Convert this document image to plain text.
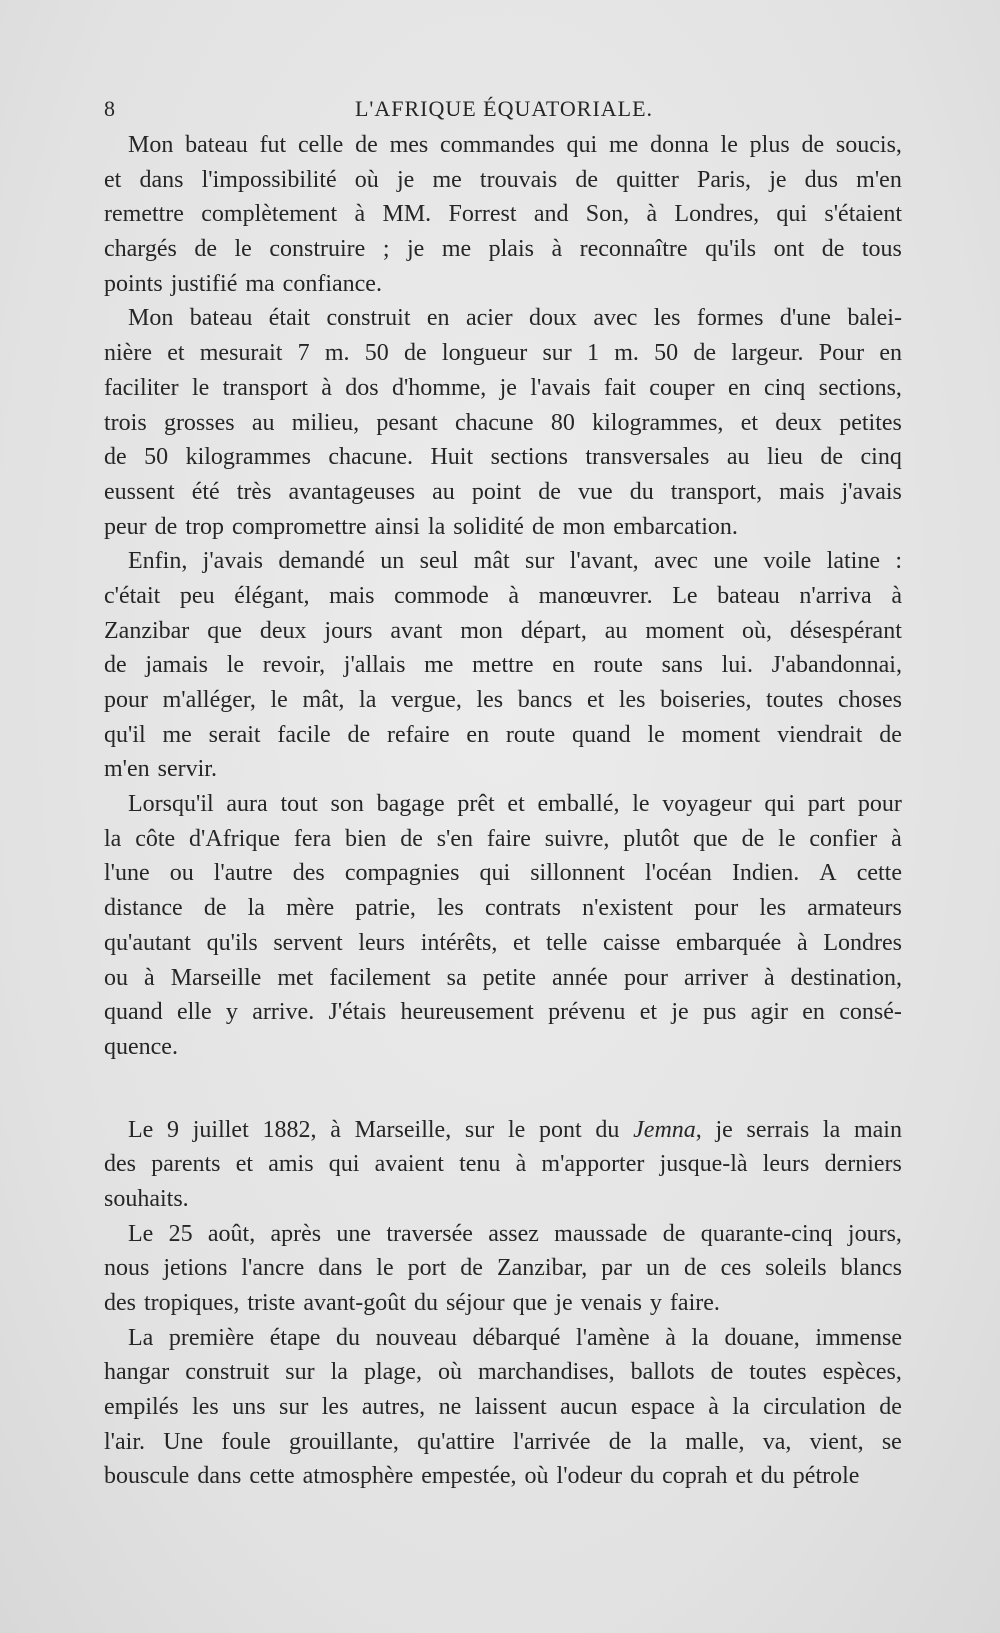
8	L'AFRIQUE ÉQUATORIALE.
Mon bateau fut celle de mes commandes qui me donna le plus de soucis,
et dans l'impossibilité où je me trouvais de quitter Paris, je dus m'en
remettre complètement à MM. Forrest and Son, à Londres, qui s'étaient
chargés de le construire ; je me plais à reconnaître qu'ils ont de tous
points justifié ma confiance.
Mon bateau était construit en acier doux avec les formes d'une balei-
nière et mesurait 7 m. 50 de longueur sur 1 m. 50 de largeur. Pour en
faciliter le transport à dos d'homme, je l'avais fait couper en cinq sections,
trois grosses au milieu, pesant chacune 80 kilogrammes, et deux petites
de 50 kilogrammes chacune. Huit sections transversales au lieu de cinq
eussent été très avantageuses au point de vue du transport, mais j'avais
peur de trop compromettre ainsi la solidité de mon embarcation.
Enfin, j'avais demandé un seul mât sur l'avant, avec une voile latine :
c'était peu élégant, mais commode à manœuvrer. Le bateau n'arriva à
Zanzibar que deux jours avant mon départ, au moment où, désespérant
de jamais le revoir, j'allais me mettre en route sans lui. J'abandonnai,
pour m'alléger, le mât, la vergue, les bancs et les boiseries, toutes choses
qu'il me serait facile de refaire en route quand le moment viendrait de
m'en servir.
Lorsqu'il aura tout son bagage prêt et emballé, le voyageur qui part pour
la côte d'Afrique fera bien de s'en faire suivre, plutôt que de le confier à
l'une ou l'autre des compagnies qui sillonnent l'océan Indien. A cette
distance de la mère patrie, les contrats n'existent pour les armateurs
qu'autant qu'ils servent leurs intérêts, et telle caisse embarquée à Londres
ou à Marseille met facilement sa petite année pour arriver à destination,
quand elle y arrive. J'étais heureusement prévenu et je pus agir en consé-
quence.
Le 9 juillet 1882, à Marseille, sur le pont du Jemna, je serrais la main
des parents et amis qui avaient tenu à m'apporter jusque-là leurs derniers
souhaits.
Le 25 août, après une traversée assez maussade de quarante-cinq jours,
nous jetions l'ancre dans le port de Zanzibar, par un de ces soleils blancs
des tropiques, triste avant-goût du séjour que je venais y faire.
La première étape du nouveau débarqué l'amène à la douane, immense
hangar construit sur la plage, où marchandises, ballots de toutes espèces,
empilés les uns sur les autres, ne laissent aucun espace à la circulation de
l'air. Une foule grouillante, qu'attire l'arrivée de la malle, va, vient, se
bouscule dans cette atmosphère empestée, où l'odeur du coprah et du pétrole
